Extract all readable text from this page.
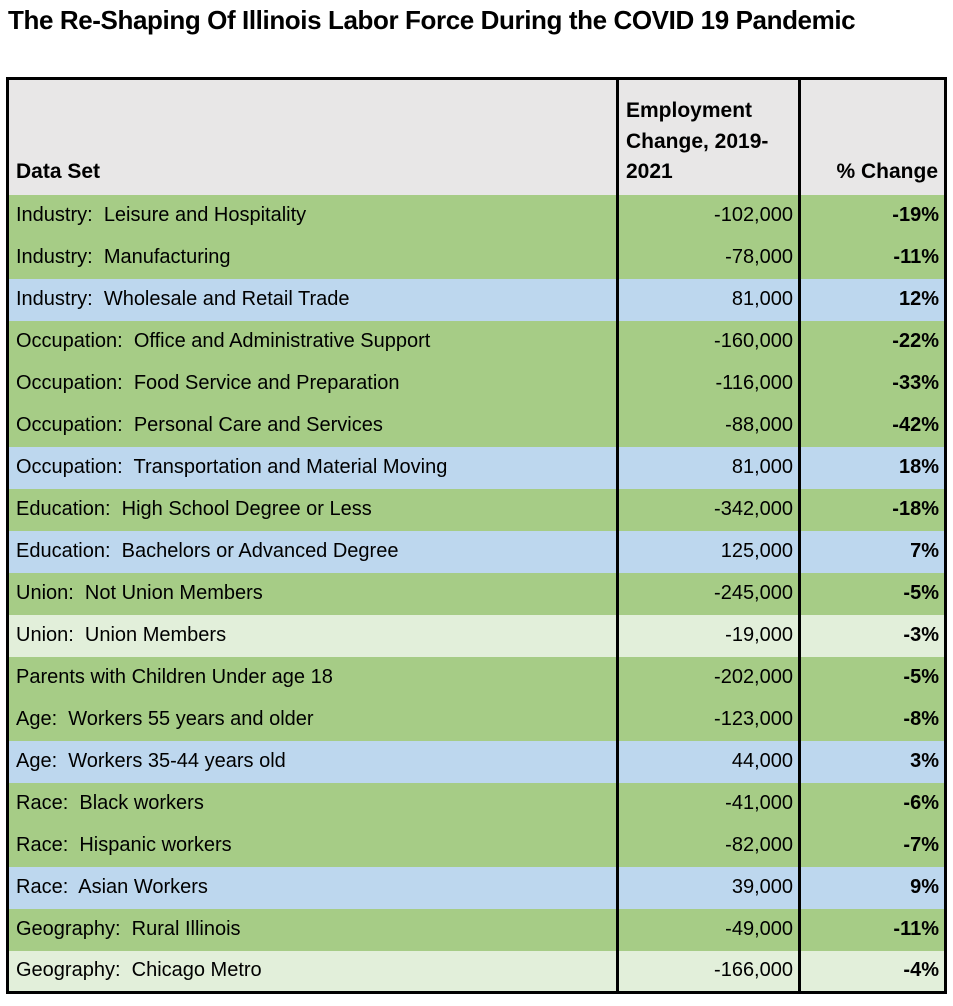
The Re-Shaping Of Illinois Labor Force During the COVID 19 Pandemic
Data Set	Employment Change, 2019-2021	% Change
Industry:  Leisure and Hospitality	-102,000	-19%
Industry:  Manufacturing	-78,000	-11%
Industry:  Wholesale and Retail Trade	81,000	12%
Occupation:  Office and Administrative Support	-160,000	-22%
Occupation:  Food Service and Preparation	-116,000	-33%
Occupation:  Personal Care and Services	-88,000	-42%
Occupation:  Transportation and Material Moving	81,000	18%
Education:  High School Degree or Less	-342,000	-18%
Education:  Bachelors or Advanced Degree	125,000	7%
Union:  Not Union Members	-245,000	-5%
Union:  Union Members	-19,000	-3%
Parents with Children Under age 18	-202,000	-5%
Age:  Workers 55 years and older	-123,000	-8%
Age:  Workers 35-44 years old	44,000	3%
Race:  Black workers	-41,000	-6%
Race:  Hispanic workers	-82,000	-7%
Race:  Asian Workers	39,000	9%
Geography:  Rural Illinois	-49,000	-11%
Geography:  Chicago Metro	-166,000	-4%
